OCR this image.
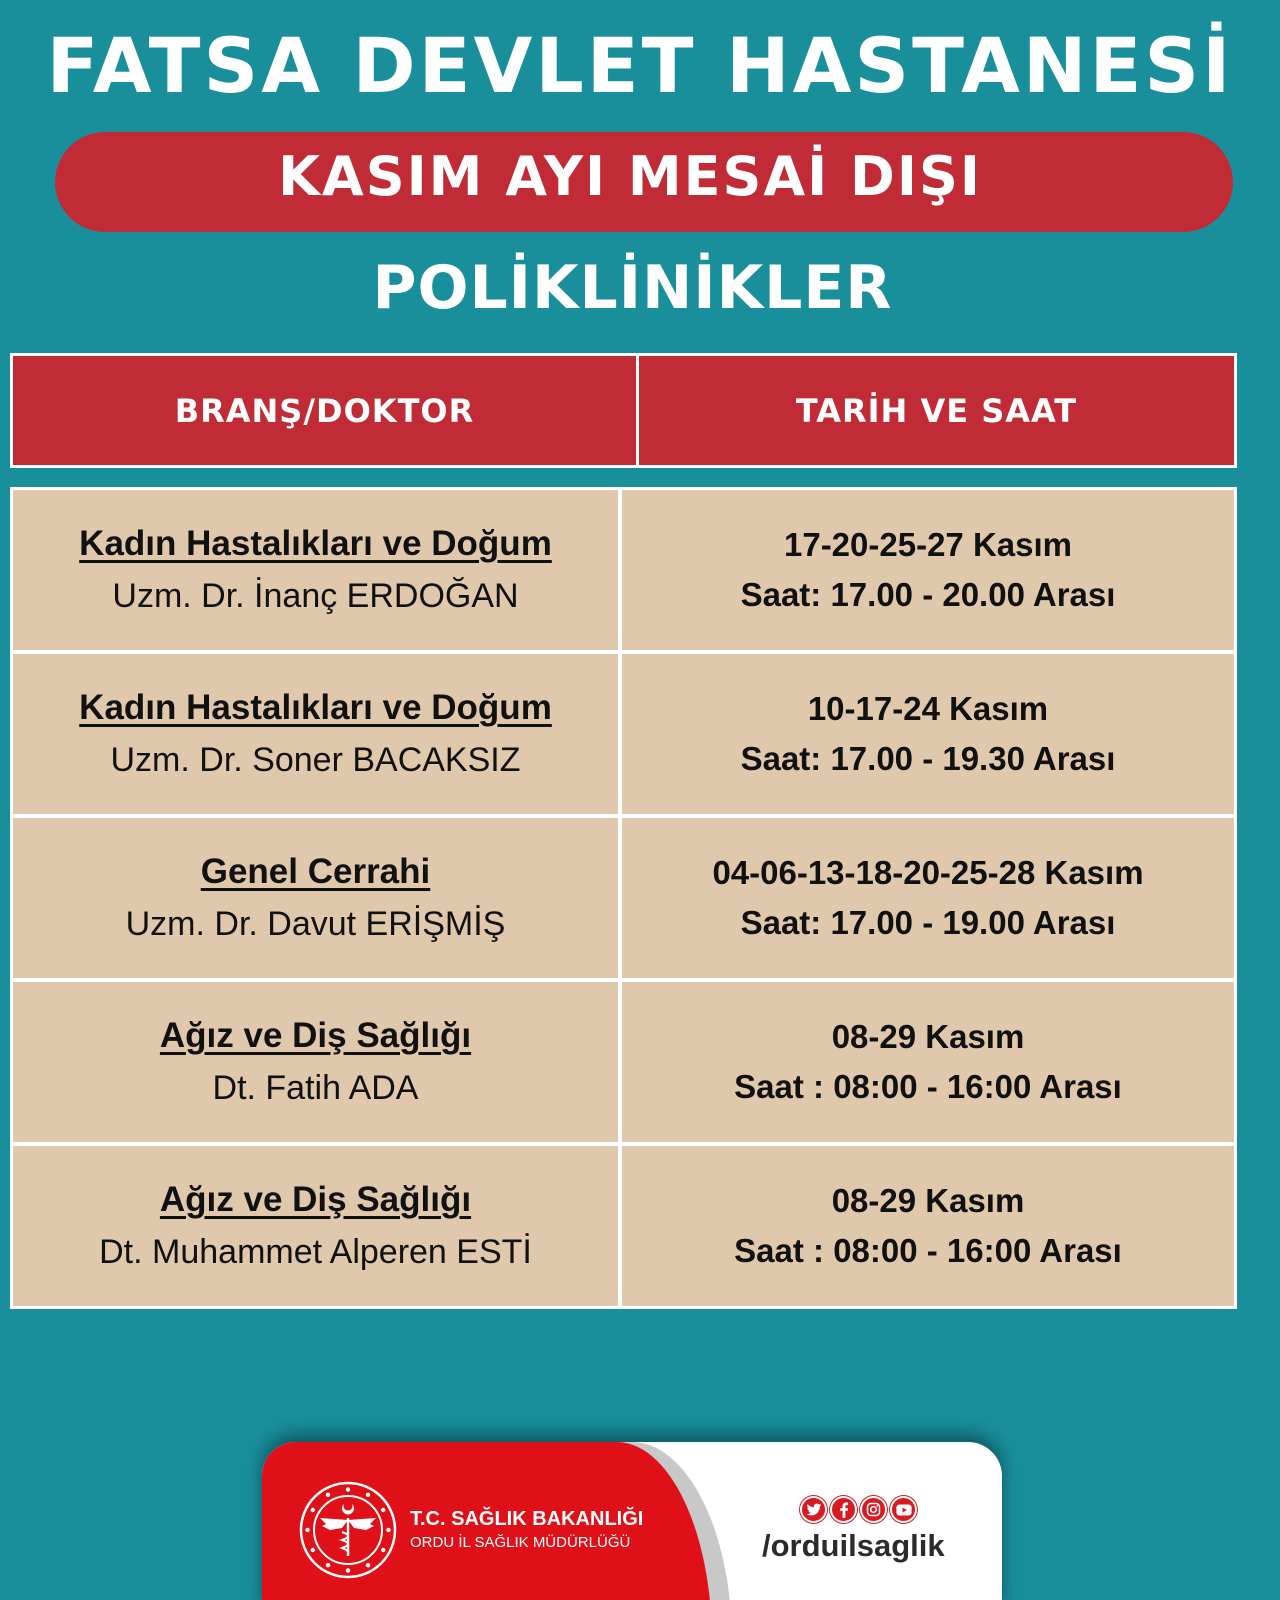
FATSA DEVLET HASTANESİ
KASIM AYI MESAİ DIŞI
POLİKLİNİKLER
BRANŞ/DOKTOR	TARİH VE SAAT
Kadın Hastalıkları ve Doğum
Uzm. Dr. İnanç ERDOĞAN
17-20-25-27 Kasım
Saat: 17.00 - 20.00 Arası
Kadın Hastalıkları ve Doğum
Uzm. Dr. Soner BACAKSIZ
10-17-24 Kasım
Saat: 17.00 - 19.30 Arası
Genel Cerrahi
Uzm. Dr. Davut ERİŞMİŞ
04-06-13-18-20-25-28 Kasım
Saat: 17.00 - 19.00 Arası
Ağız ve Diş Sağlığı
Dt. Fatih ADA
08-29 Kasım
Saat : 08:00 - 16:00 Arası
Ağız ve Diş Sağlığı
Dt. Muhammet Alperen ESTİ
08-29 Kasım
Saat : 08:00 - 16:00 Arası
T.C. SAĞLIK BAKANLIĞI
ORDU İL SAĞLIK MÜDÜRLÜĞÜ	/orduilsaglik
